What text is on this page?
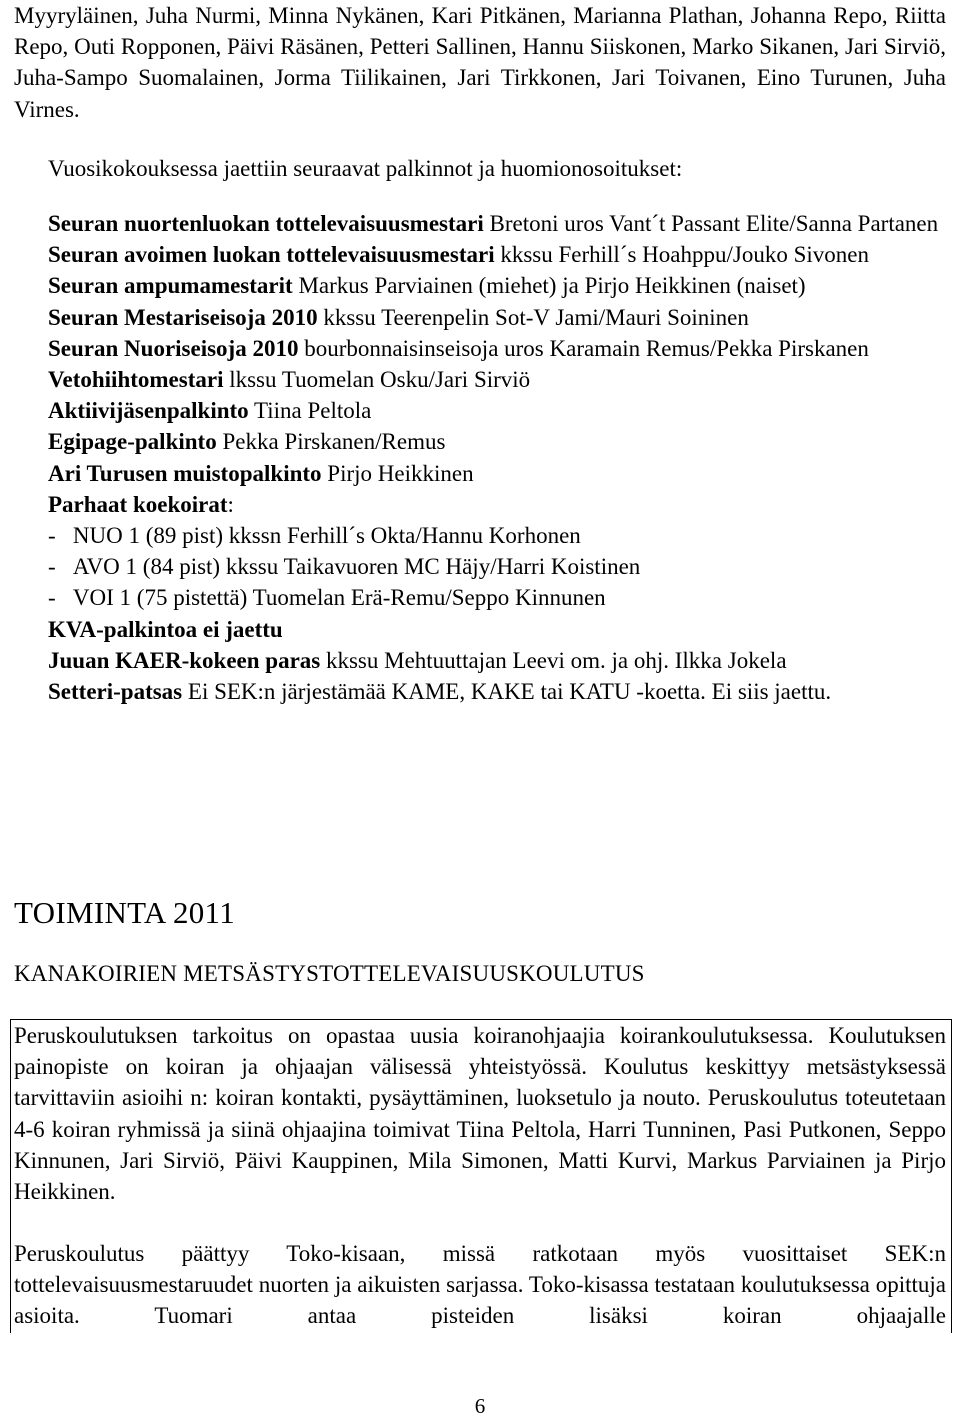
Myyryläinen, Juha Nurmi, Minna Nykänen, Kari Pitkänen, Marianna Plathan, Johanna Repo, Riitta Repo, Outi Ropponen, Päivi Räsänen, Petteri Sallinen, Hannu Siiskonen, Marko Sikanen, Jari Sirviö, Juha-Sampo Suomalainen, Jorma Tiilikainen, Jari Tirkkonen, Jari Toivanen, Eino Turunen, Juha Virnes.

Vuosikokouksessa jaettiin seuraavat palkinnot ja huomionosoitukset:

Seuran nuortenluokan tottelevaisuusmestari Bretoni uros Vant´t Passant Elite/Sanna Partanen

Seuran avoimen luokan tottelevaisuusmestari kkssu Ferhill´s Hoahppu/Jouko Sivonen

Seuran ampumamestarit Markus Parviainen (miehet) ja Pirjo Heikkinen (naiset)

Seuran Mestariseisoja 2010 kkssu Teerenpelin Sot-V Jami/Mauri Soininen

Seuran Nuoriseisoja 2010 bourbonnaisinseisoja uros Karamain Remus/Pekka Pirskanen

Vetohiihtomestari lkssu Tuomelan Osku/Jari Sirviö

Aktiivijäsenpalkinto Tiina Peltola

Egipage-palkinto Pekka Pirskanen/Remus

Ari Turusen muistopalkinto Pirjo Heikkinen

Parhaat koekoirat:

- NUO 1 (89 pist) kkssn Ferhill´s Okta/Hannu Korhonen

- AVO 1 (84 pist) kkssu Taikavuoren MC Häjy/Harri Koistinen

- VOI 1 (75 pistettä) Tuomelan Erä-Remu/Seppo Kinnunen

KVA-palkintoa ei jaettu

Juuan KAER-kokeen paras kkssu Mehtuuttajan Leevi om. ja ohj. Ilkka Jokela

Setteri-patsas Ei SEK:n järjestämää KAME, KAKE tai KATU -koetta. Ei siis jaettu.

TOIMINTA 2011
KANAKOIRIEN METSÄSTYSTOTTELEVAISUUSKOULUTUS

Peruskoulutuksen tarkoitus on opastaa uusia koiranohjaajia koirankoulutuksessa. Koulutuksen painopiste on koiran ja ohjaajan välisessä yhteistyössä. Koulutus keskittyy metsästyksessä tarvittaviin asioihi n: koiran kontakti, pysäyttäminen, luoksetulo ja nouto. Peruskoulutus toteutetaan 4-6 koiran ryhmissä ja siinä ohjaajina toimivat Tiina Peltola, Harri Tunninen, Pasi Putkonen, Seppo Kinnunen, Jari Sirviö, Päivi Kauppinen, Mila Simonen, Matti Kurvi, Markus Parviainen ja Pirjo Heikkinen.

Peruskoulutus päättyy Toko-kisaan, missä ratkotaan myös vuosittaiset SEK:n tottelevaisuusmestaruudet nuorten ja aikuisten sarjassa. Toko-kisassa testataan koulutuksessa opittuja asioita. Tuomari antaa pisteiden lisäksi koiran ohjaajalle

6
